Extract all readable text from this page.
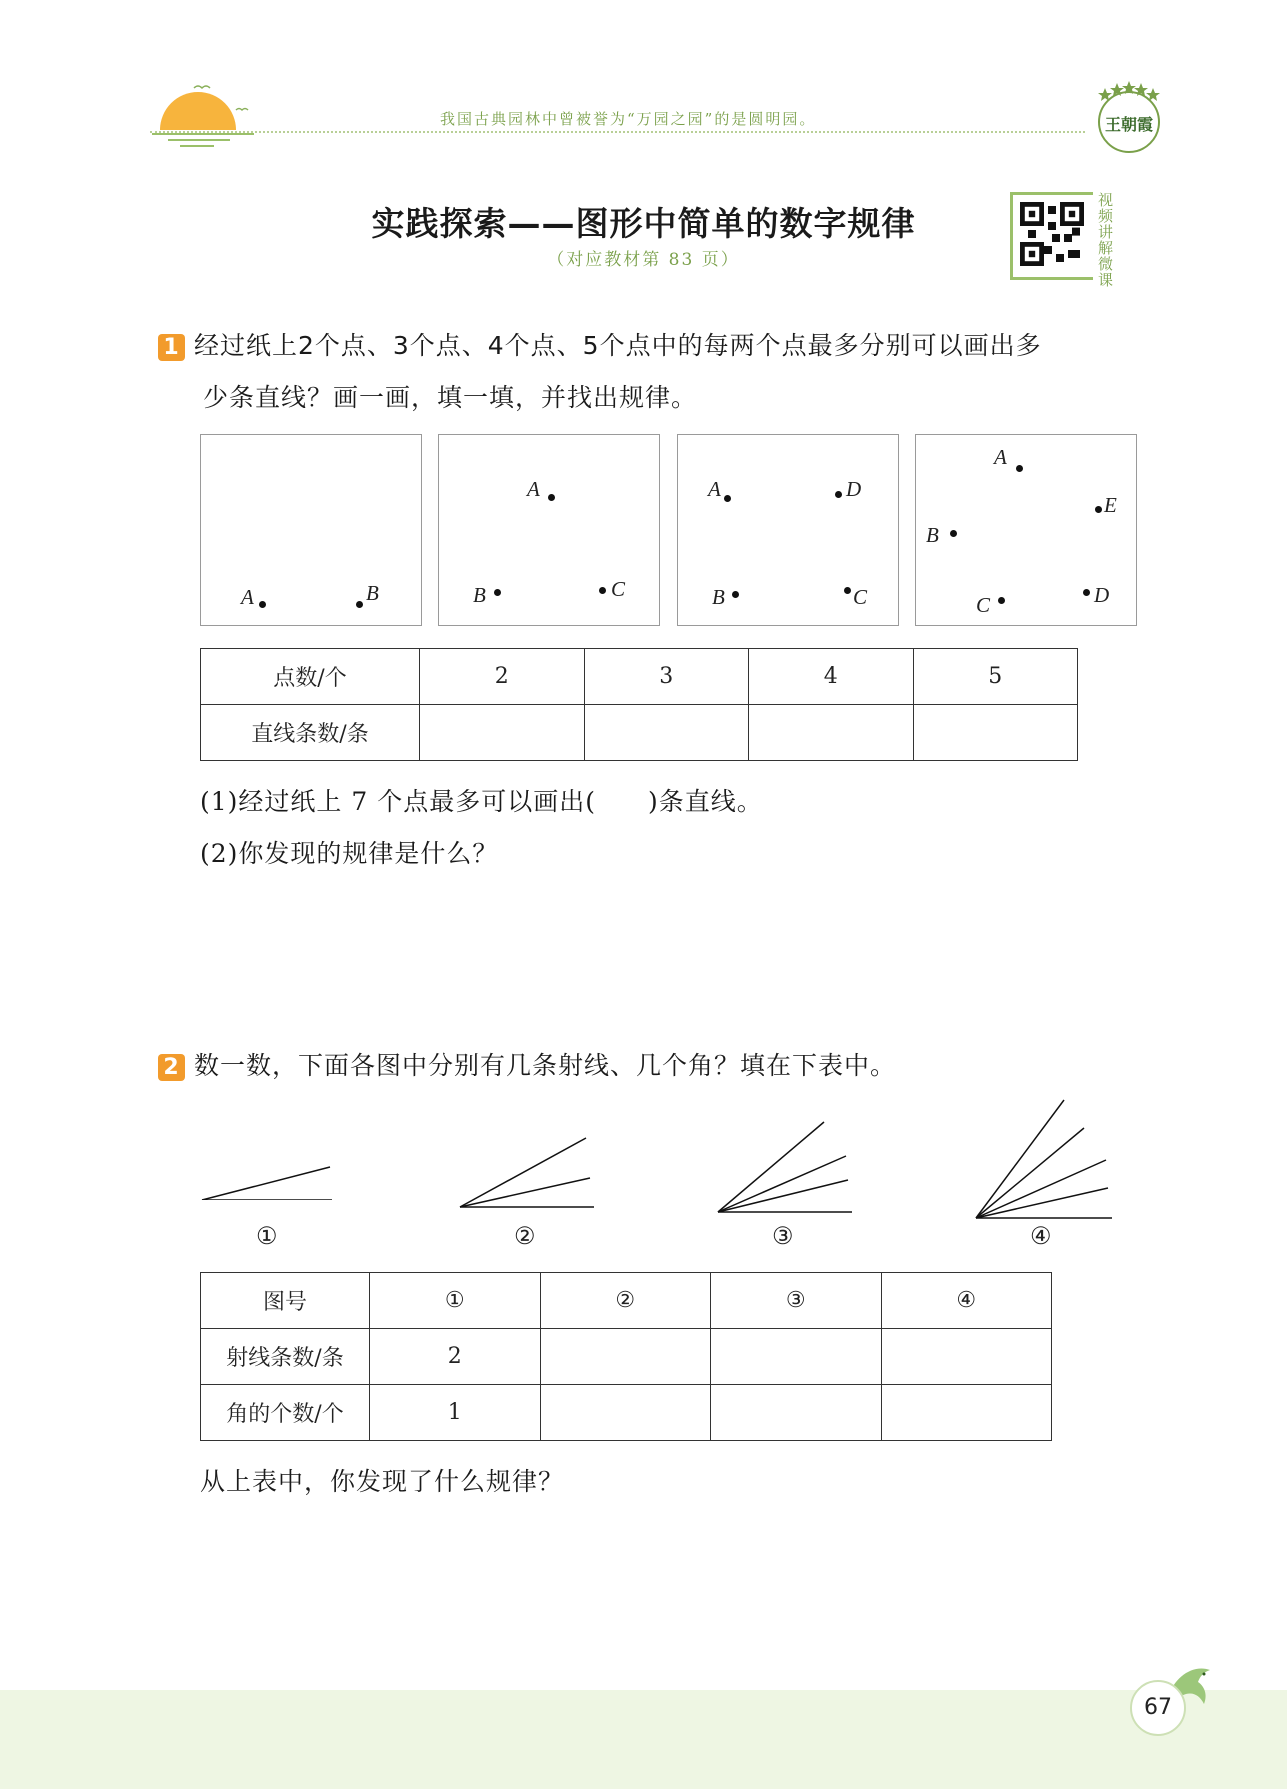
我国古典园林中曾被誉为“万园之园”的是圆明园。	王朝霞
实践探索——图形中简单的数字规律
（对应教材第 83 页）
视频讲解微课
1 经过纸上2个点、3个点、4个点、5个点中的每两个点最多分别可以画出多
少条直线？画一画，填一填，并找出规律。
A	B
A
B	C
A	D
B	C
A
E
B
C	D
点数/个	2	3	4	5
直线条数/条				
(1)经过纸上 7 个点最多可以画出(　　)条直线。
(2)你发现的规律是什么？
2 数一数，下面各图中分别有几条射线、几个角？填在下表中。
①	②	③	④
图号	①	②	③	④
射线条数/条	2			
角的个数/个	1			
从上表中，你发现了什么规律？
67
